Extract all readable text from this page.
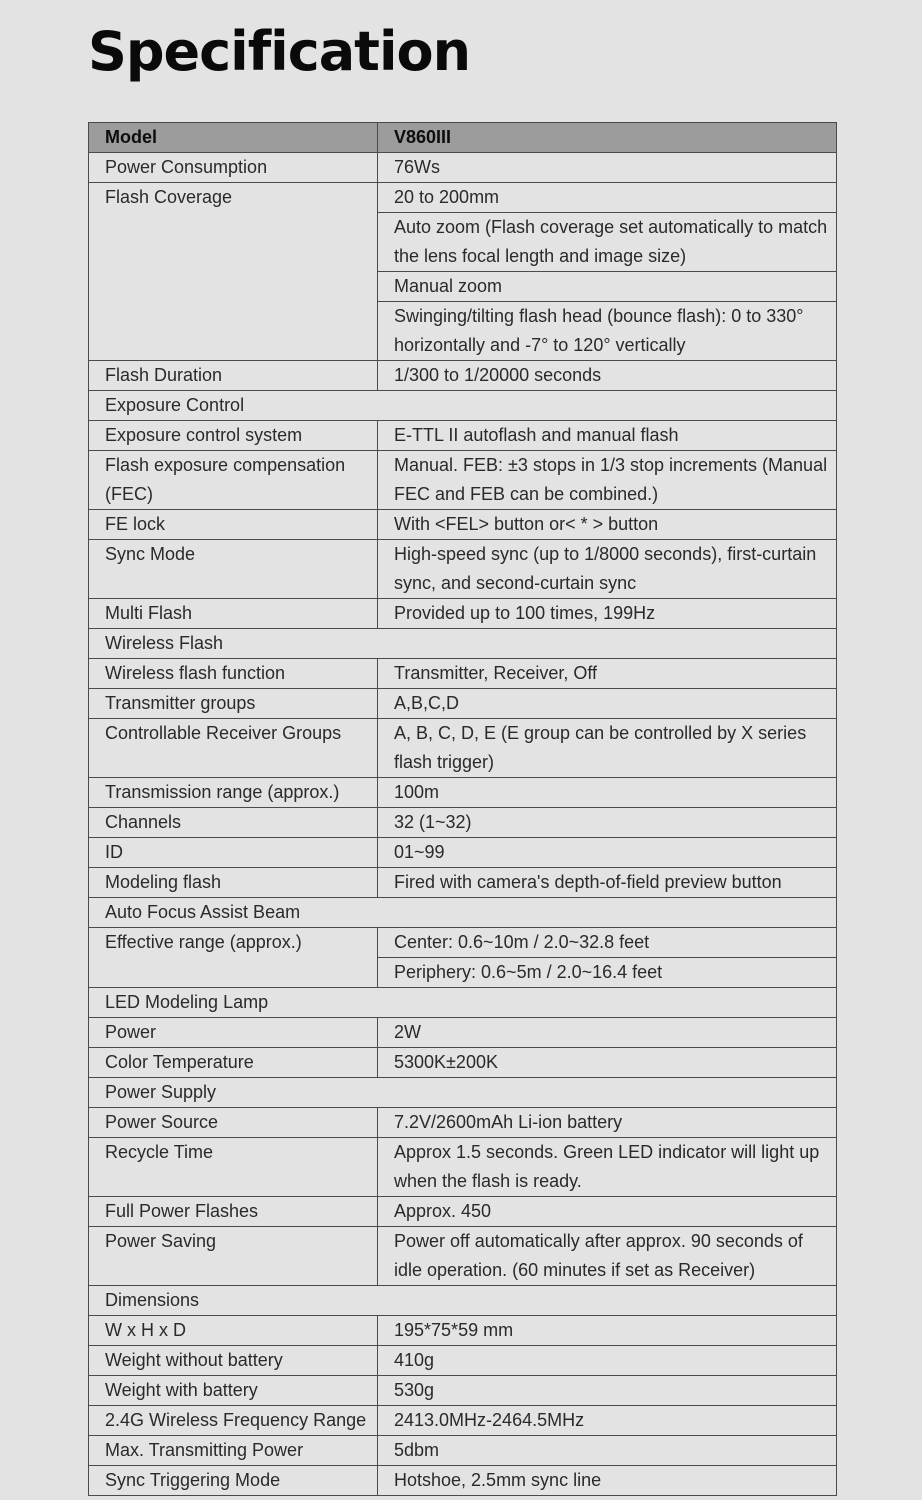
Specification
Model	V860III
Power Consumption	76Ws
Flash Coverage	20 to 200mm
	Auto zoom (Flash coverage set automatically to match the lens focal length and image size)
	Manual zoom
	Swinging/tilting flash head (bounce flash): 0 to 330° horizontally and -7° to 120° vertically
Flash Duration	1/300 to 1/20000 seconds
Exposure Control	
Exposure control system	E-TTL II autoflash and manual flash
Flash exposure compensation (FEC)	Manual. FEB: ±3 stops in 1/3 stop increments (Manual FEC and FEB can be combined.)
FE lock	With <FEL> button or< * > button
Sync Mode	High-speed sync (up to 1/8000 seconds), first-curtain sync, and second-curtain sync
Multi Flash	Provided up to 100 times, 199Hz
Wireless Flash	
Wireless flash function	Transmitter, Receiver, Off
Transmitter groups	A,B,C,D
Controllable Receiver Groups	A, B, C, D, E (E group can be controlled by X series flash trigger)
Transmission range (approx.)	100m
Channels	32 (1~32)
ID	01~99
Modeling flash	Fired with camera's depth-of-field preview button
Auto Focus Assist Beam	
Effective range (approx.)	Center: 0.6~10m / 2.0~32.8 feet
	Periphery: 0.6~5m / 2.0~16.4 feet
LED Modeling Lamp	
Power	2W
Color Temperature	5300K±200K
Power Supply	
Power Source	7.2V/2600mAh Li-ion battery
Recycle Time	Approx 1.5 seconds. Green LED indicator will light up when the flash is ready.
Full Power Flashes	Approx. 450
Power Saving	Power off automatically after approx. 90 seconds of idle operation. (60 minutes if set as Receiver)
Dimensions	
W x H x D	195*75*59 mm
Weight without battery	410g
Weight with battery	530g
2.4G Wireless Frequency Range	2413.0MHz-2464.5MHz
Max. Transmitting Power	5dbm
Sync Triggering Mode	Hotshoe, 2.5mm sync line
